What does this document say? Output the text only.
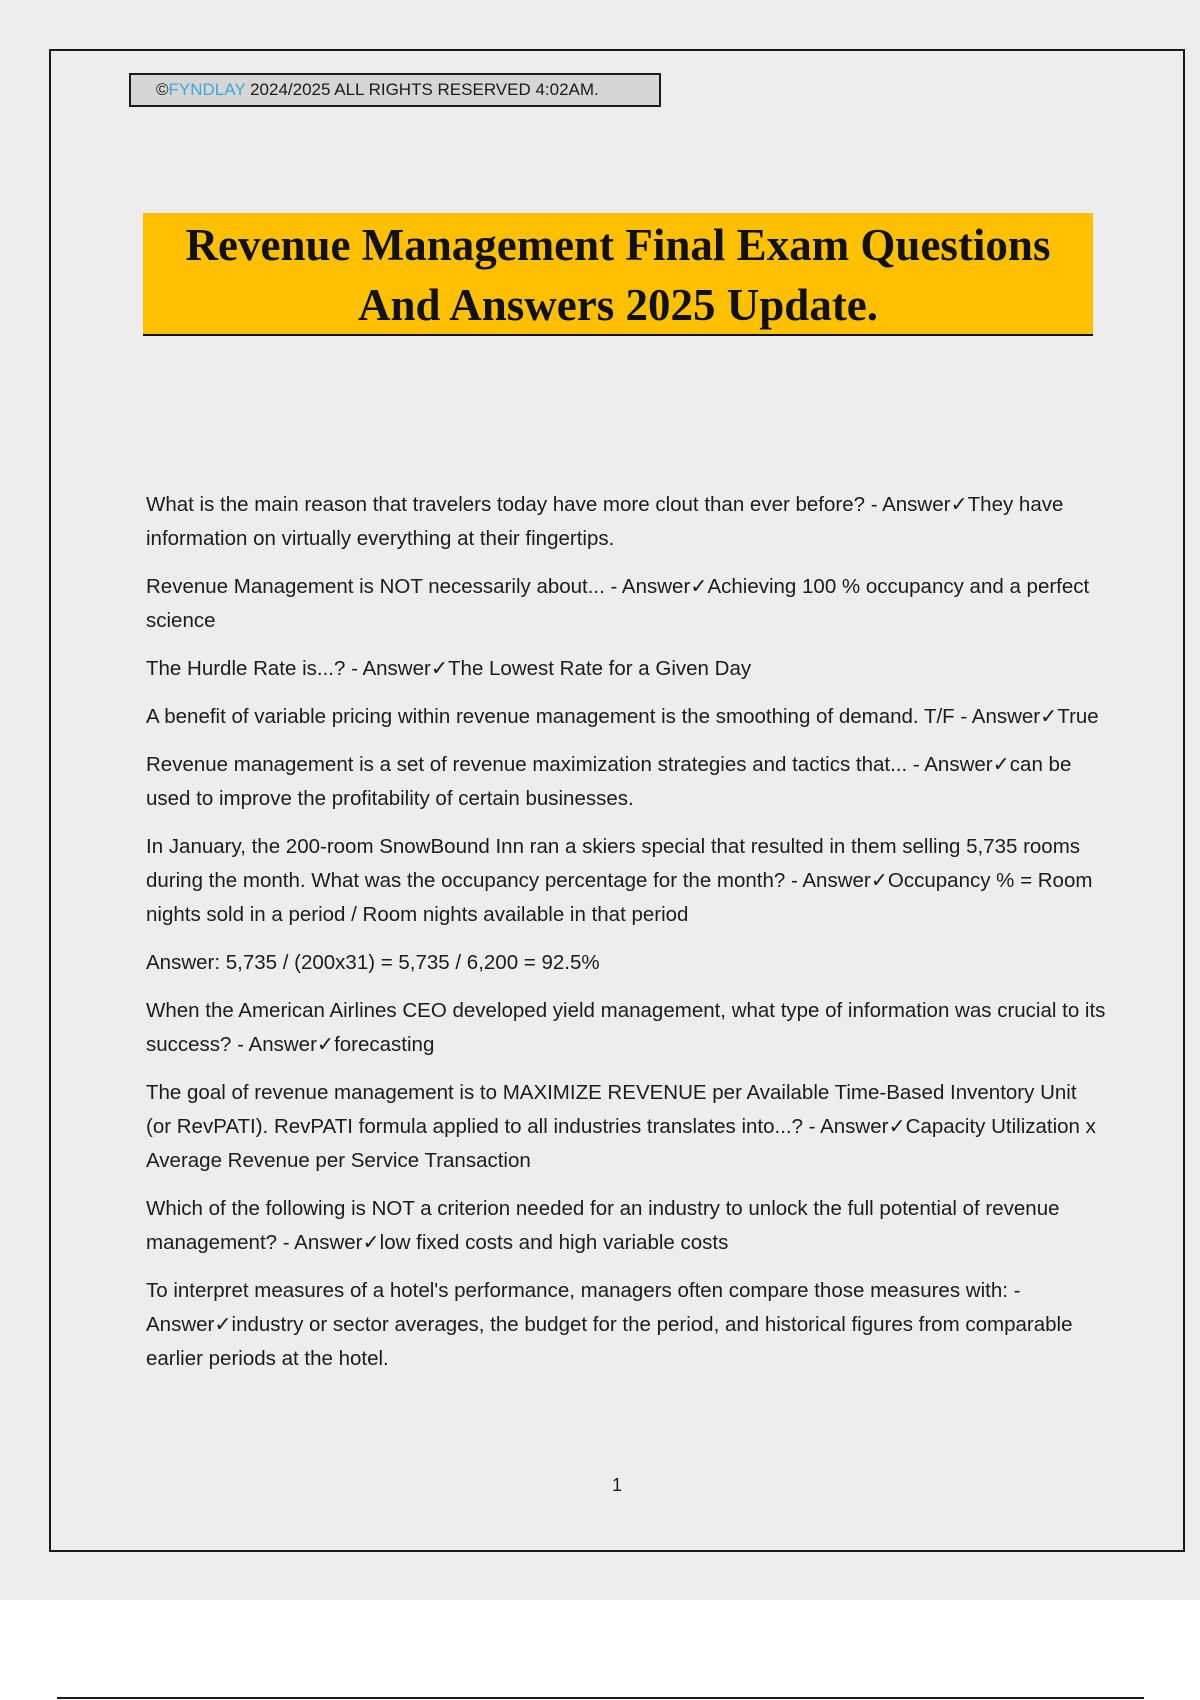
©FYNDLAY 2024/2025 ALL RIGHTS RESERVED 4:02AM.
Revenue Management Final Exam Questions
And Answers 2025 Update.

What is the main reason that travelers today have more clout than ever before? - Answer✓They have information on virtually everything at their fingertips.

Revenue Management is NOT necessarily about... - Answer✓Achieving 100 % occupancy and a perfect science

The Hurdle Rate is...? - Answer✓The Lowest Rate for a Given Day

A benefit of variable pricing within revenue management is the smoothing of demand. T/F - Answer✓True

Revenue management is a set of revenue maximization strategies and tactics that... - Answer✓can be used to improve the profitability of certain businesses.

In January, the 200-room SnowBound Inn ran a skiers special that resulted in them selling 5,735 rooms during the month. What was the occupancy percentage for the month? - Answer✓Occupancy % = Room nights sold in a period / Room nights available in that period

Answer: 5,735 / (200x31) = 5,735 / 6,200 = 92.5%

When the American Airlines CEO developed yield management, what type of information was crucial to its success? - Answer✓forecasting

The goal of revenue management is to MAXIMIZE REVENUE per Available Time-Based Inventory Unit (or RevPATI). RevPATI formula applied to all industries translates into...? - Answer✓Capacity Utilization x Average Revenue per Service Transaction

Which of the following is NOT a criterion needed for an industry to unlock the full potential of revenue management? - Answer✓low fixed costs and high variable costs

To interpret measures of a hotel's performance, managers often compare those measures with: - Answer✓industry or sector averages, the budget for the period, and historical figures from comparable earlier periods at the hotel.

1
